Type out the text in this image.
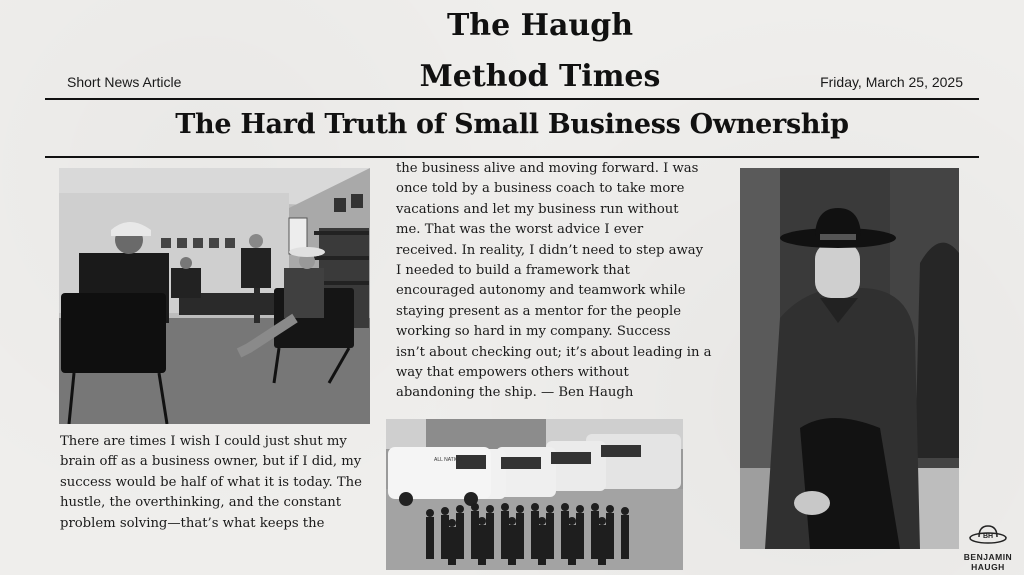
The Haugh
Method Times
Short News Article	Friday, March 25, 2025
The Hard Truth of Small Business Ownership
the business alive and moving forward. I was
once told by a business coach to take more
vacations and let my business run without
me. That was the worst advice I ever
received. In reality, I didn’t need to step away
I needed to build a framework that
encouraged autonomy and teamwork while
staying present as a mentor for the people
working so hard in my company. Success
isn’t about checking out; it’s about leading in a
way that empowers others without
abandoning the ship. — Ben Haugh
There are times I wish I could just shut my
brain off as a business owner, but if I did, my
success would be half of what it is today. The
hustle, the overthinking, and the constant
problem solving—that’s what keeps the
ALL NATION
BH
BENJAMIN
HAUGH
